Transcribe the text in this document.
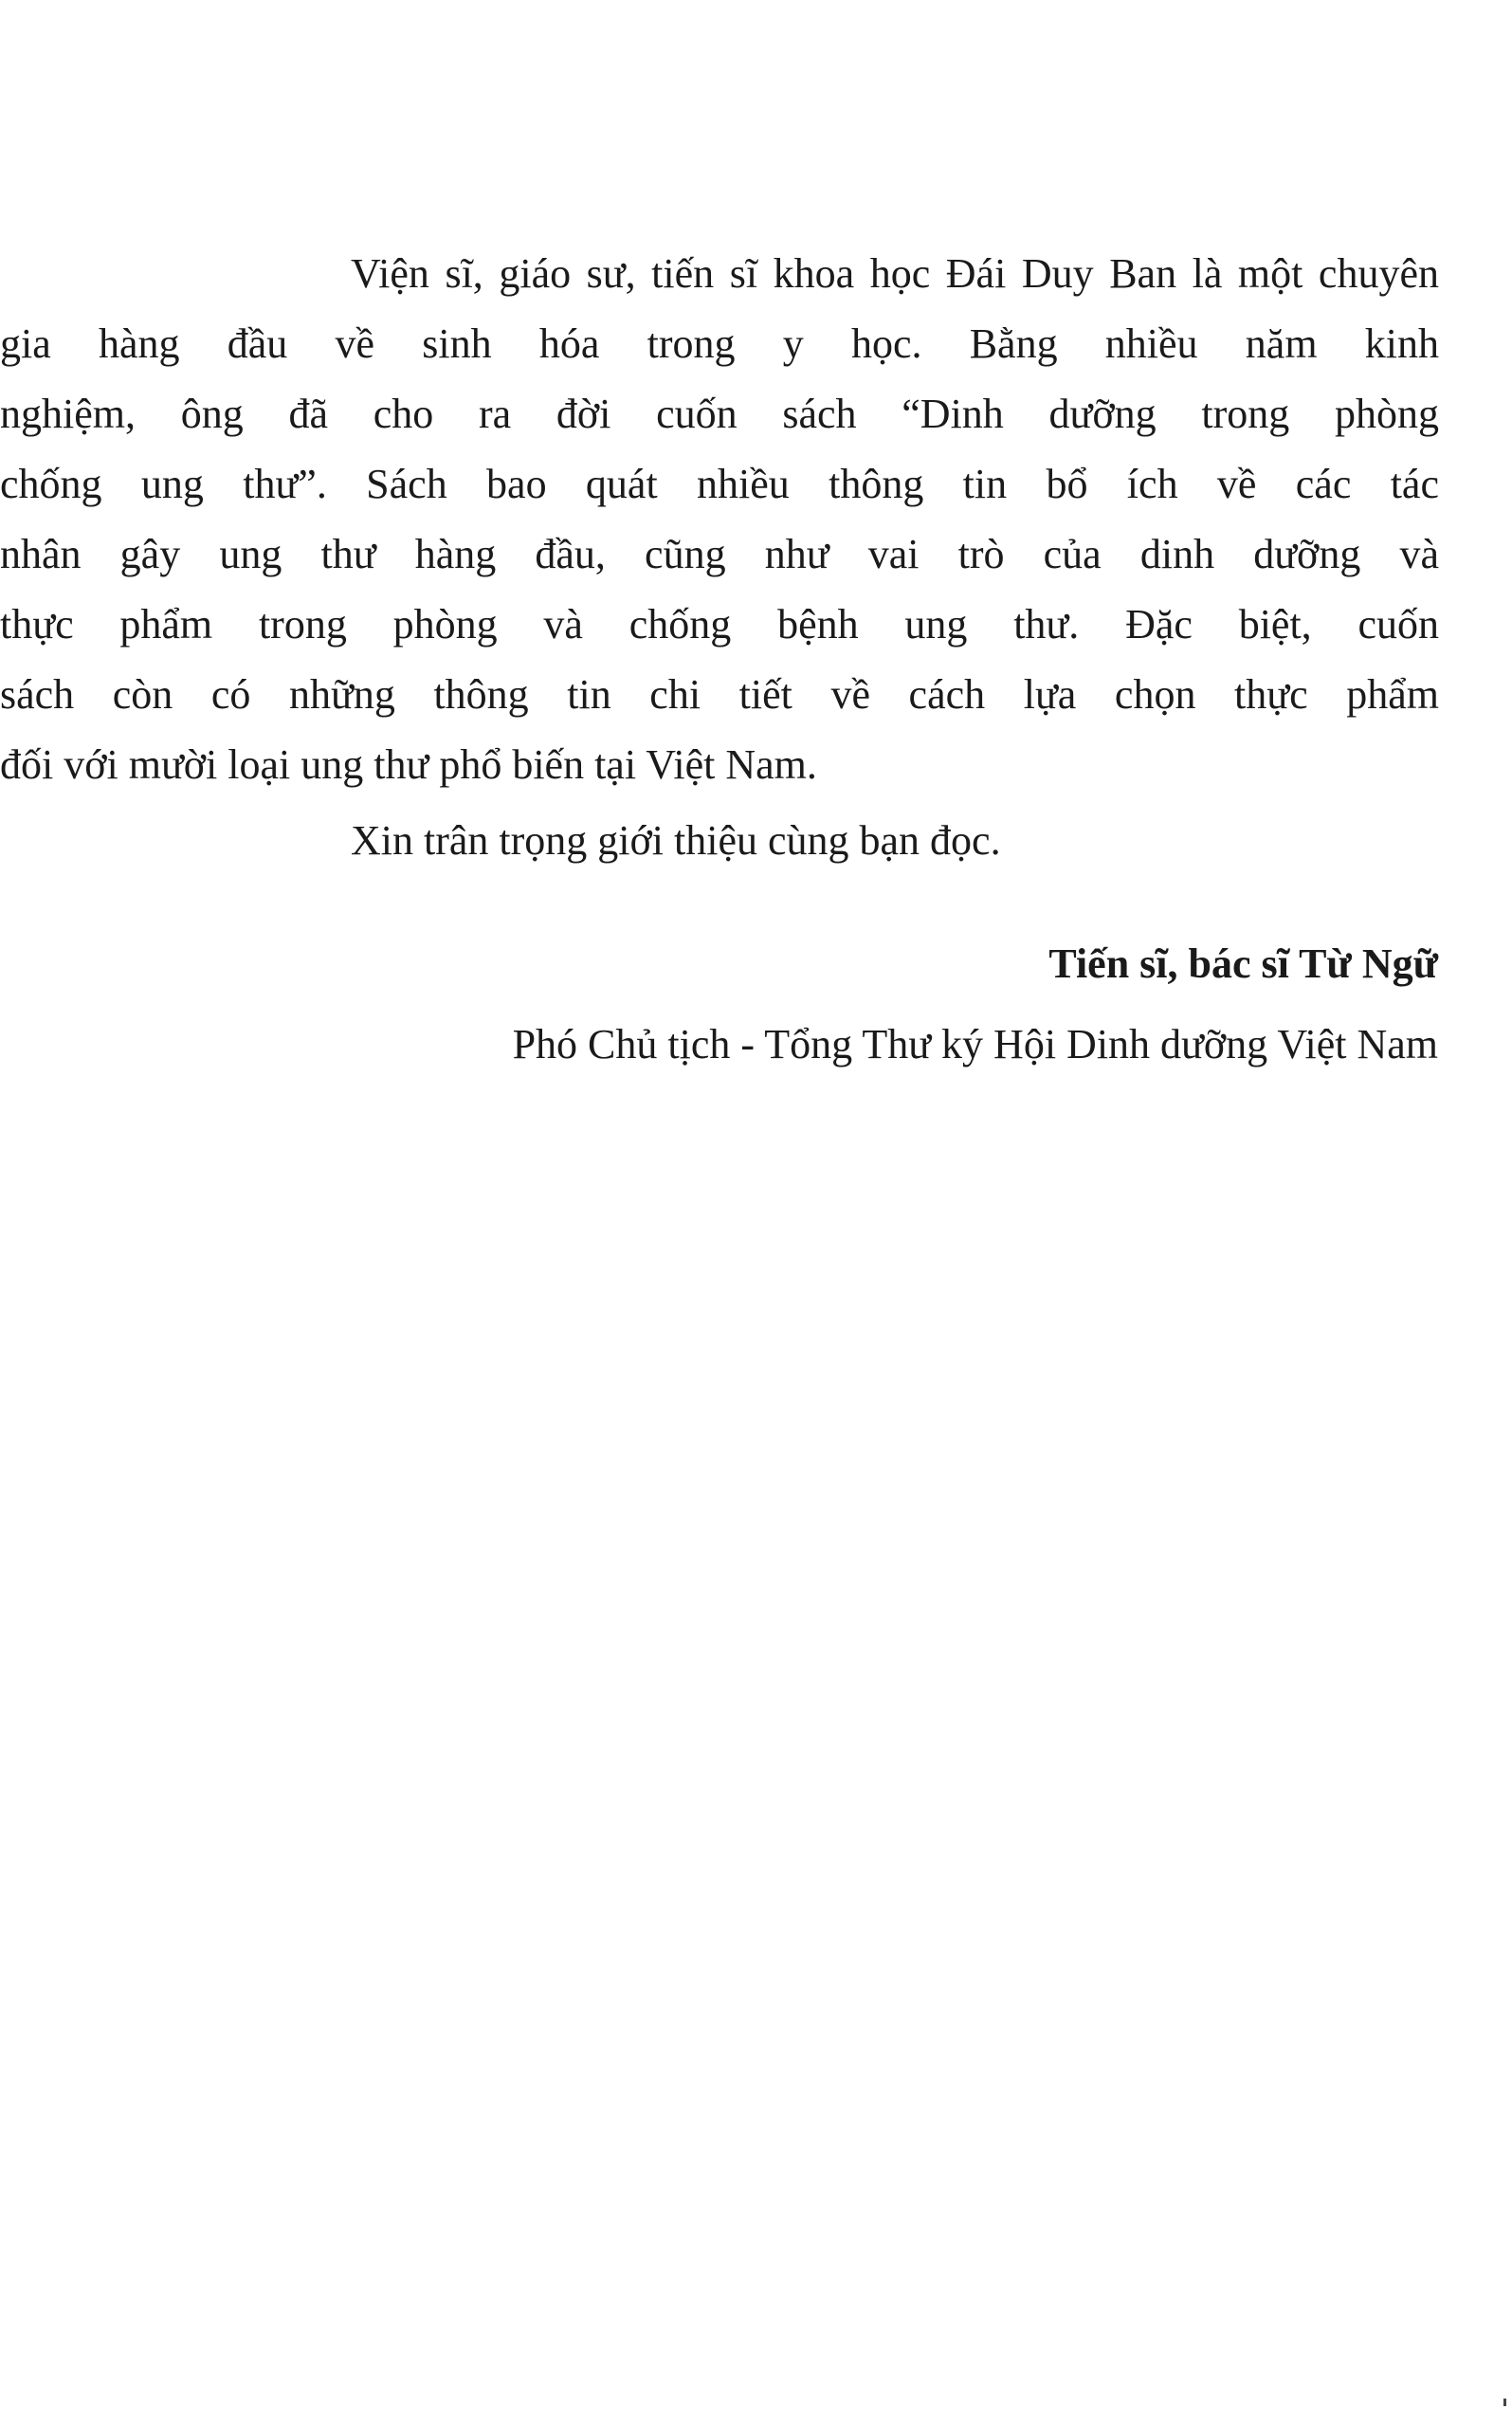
Viện sĩ, giáo sư, tiến sĩ khoa học Đái Duy Ban là một chuyên
gia hàng đầu về sinh hóa trong y học. Bằng nhiều năm kinh
nghiệm, ông đã cho ra đời cuốn sách “Dinh dưỡng trong phòng
chống ung thư”. Sách bao quát nhiều thông tin bổ ích về các tác
nhân gây ung thư hàng đầu, cũng như vai trò của dinh dưỡng và
thực phẩm trong phòng và chống bệnh ung thư. Đặc biệt, cuốn
sách còn có những thông tin chi tiết về cách lựa chọn thực phẩm
đối với mười loại ung thư phổ biến tại Việt Nam.

Xin trân trọng giới thiệu cùng bạn đọc.

Tiến sĩ, bác sĩ Từ Ngữ

Phó Chủ tịch - Tổng Thư ký Hội Dinh dưỡng Việt Nam
